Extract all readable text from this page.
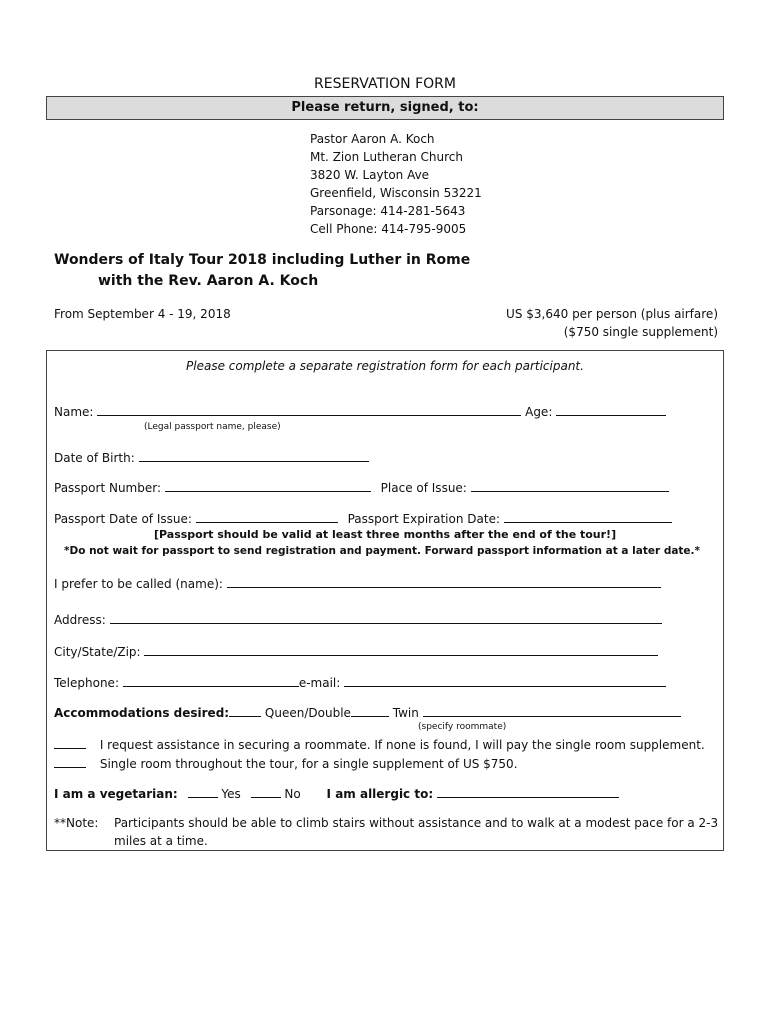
RESERVATION FORM
Please return, signed, to:
Pastor Aaron A. Koch
Mt. Zion Lutheran Church
3820 W. Layton Ave
Greenfield, Wisconsin 53221
Parsonage: 414-281-5643
Cell Phone: 414-795-9005
Wonders of Italy Tour 2018 including Luther in Rome
with the Rev. Aaron A. Koch
From September 4 - 19, 2018	US $3,640 per person (plus airfare)
($750 single supplement)
Please complete a separate registration form for each participant.
Name:	Age:
(Legal passport name, please)
Date of Birth:
Passport Number:	Place of Issue:
Passport Date of Issue:	Passport Expiration Date:
[Passport should be valid at least three months after the end of the tour!]
*Do not wait for passport to send registration and payment. Forward passport information at a later date.*
I prefer to be called (name):
Address:
City/State/Zip:
Telephone:	e-mail:
Accommodations desired:	Queen/Double	Twin
(specify roommate)
I request assistance in securing a roommate. If none is found, I will pay the single room supplement.
Single room throughout the tour, for a single supplement of US $750.
I am a vegetarian:	Yes	No I am allergic to:
**Note: Participants should be able to climb stairs without assistance and to walk at a modest pace for a 2-3
miles at a time.
